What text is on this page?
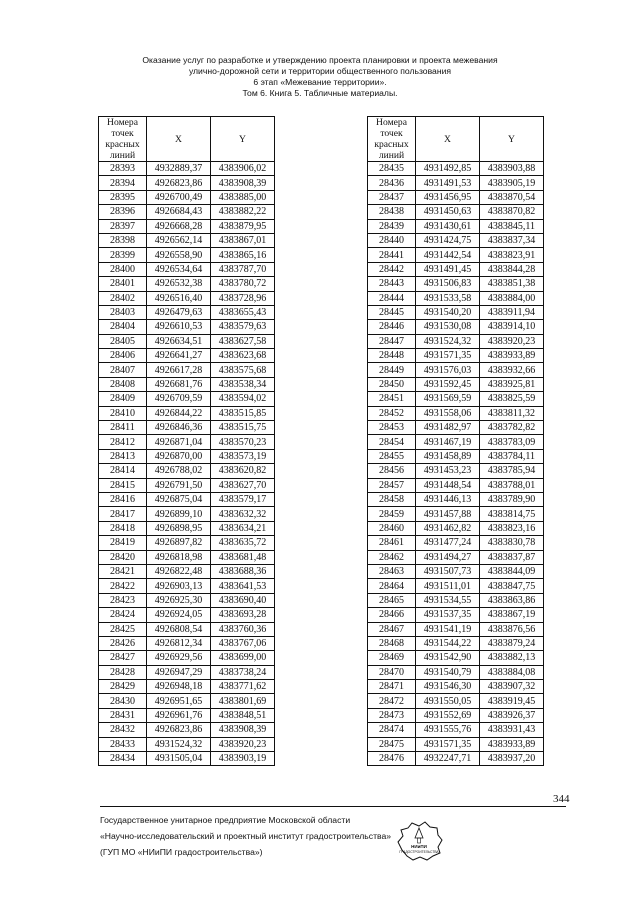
Оказание услуг по разработке и утверждению проекта планировки и проекта межевания
улично-дорожной сети и территории общественного пользования
6 этап «Межевание территории».
Том 6. Книга 5. Табличные материалы.
Номера
точек
красных
линий	X	Y
28393	4932889,37	4383906,02
28394	4926823,86	4383908,39
28395	4926700,49	4383885,00
28396	4926684,43	4383882,22
28397	4926668,28	4383879,95
28398	4926562,14	4383867,01
28399	4926558,90	4383865,16
28400	4926534,64	4383787,70
28401	4926532,38	4383780,72
28402	4926516,40	4383728,96
28403	4926479,63	4383655,43
28404	4926610,53	4383579,63
28405	4926634,51	4383627,58
28406	4926641,27	4383623,68
28407	4926617,28	4383575,68
28408	4926681,76	4383538,34
28409	4926709,59	4383594,02
28410	4926844,22	4383515,85
28411	4926846,36	4383515,75
28412	4926871,04	4383570,23
28413	4926870,00	4383573,19
28414	4926788,02	4383620,82
28415	4926791,50	4383627,70
28416	4926875,04	4383579,17
28417	4926899,10	4383632,32
28418	4926898,95	4383634,21
28419	4926897,82	4383635,72
28420	4926818,98	4383681,48
28421	4926822,48	4383688,36
28422	4926903,13	4383641,53
28423	4926925,30	4383690,40
28424	4926924,05	4383693,28
28425	4926808,54	4383760,36
28426	4926812,34	4383767,06
28427	4926929,56	4383699,00
28428	4926947,29	4383738,24
28429	4926948,18	4383771,62
28430	4926951,65	4383801,69
28431	4926961,76	4383848,51
28432	4926823,86	4383908,39
28433	4931524,32	4383920,23
28434	4931505,04	4383903,19
Номера
точек
красных
линий	X	Y
28435	4931492,85	4383903,88
28436	4931491,53	4383905,19
28437	4931456,95	4383870,54
28438	4931450,63	4383870,82
28439	4931430,61	4383845,11
28440	4931424,75	4383837,34
28441	4931442,54	4383823,91
28442	4931491,45	4383844,28
28443	4931506,83	4383851,38
28444	4931533,58	4383884,00
28445	4931540,20	4383911,94
28446	4931530,08	4383914,10
28447	4931524,32	4383920,23
28448	4931571,35	4383933,89
28449	4931576,03	4383932,66
28450	4931592,45	4383925,81
28451	4931569,59	4383825,59
28452	4931558,06	4383811,32
28453	4931482,97	4383782,82
28454	4931467,19	4383783,09
28455	4931458,89	4383784,11
28456	4931453,23	4383785,94
28457	4931448,54	4383788,01
28458	4931446,13	4383789,90
28459	4931457,88	4383814,75
28460	4931462,82	4383823,16
28461	4931477,24	4383830,78
28462	4931494,27	4383837,87
28463	4931507,73	4383844,09
28464	4931511,01	4383847,75
28465	4931534,55	4383863,86
28466	4931537,35	4383867,19
28467	4931541,19	4383876,56
28468	4931544,22	4383879,24
28469	4931542,90	4383882,13
28470	4931540,79	4383884,08
28471	4931546,30	4383907,32
28472	4931550,05	4383919,45
28473	4931552,69	4383926,37
28474	4931555,76	4383931,43
28475	4931571,35	4383933,89
28476	4932247,71	4383937,20
344
Государственное унитарное предприятие Московской области
«Научно-исследовательский и проектный институт градостроительства»
(ГУП МО «НИиПИ градостроительства»)
НИиПИ
ГРАДОСТРОИТЕЛЬСТВА
